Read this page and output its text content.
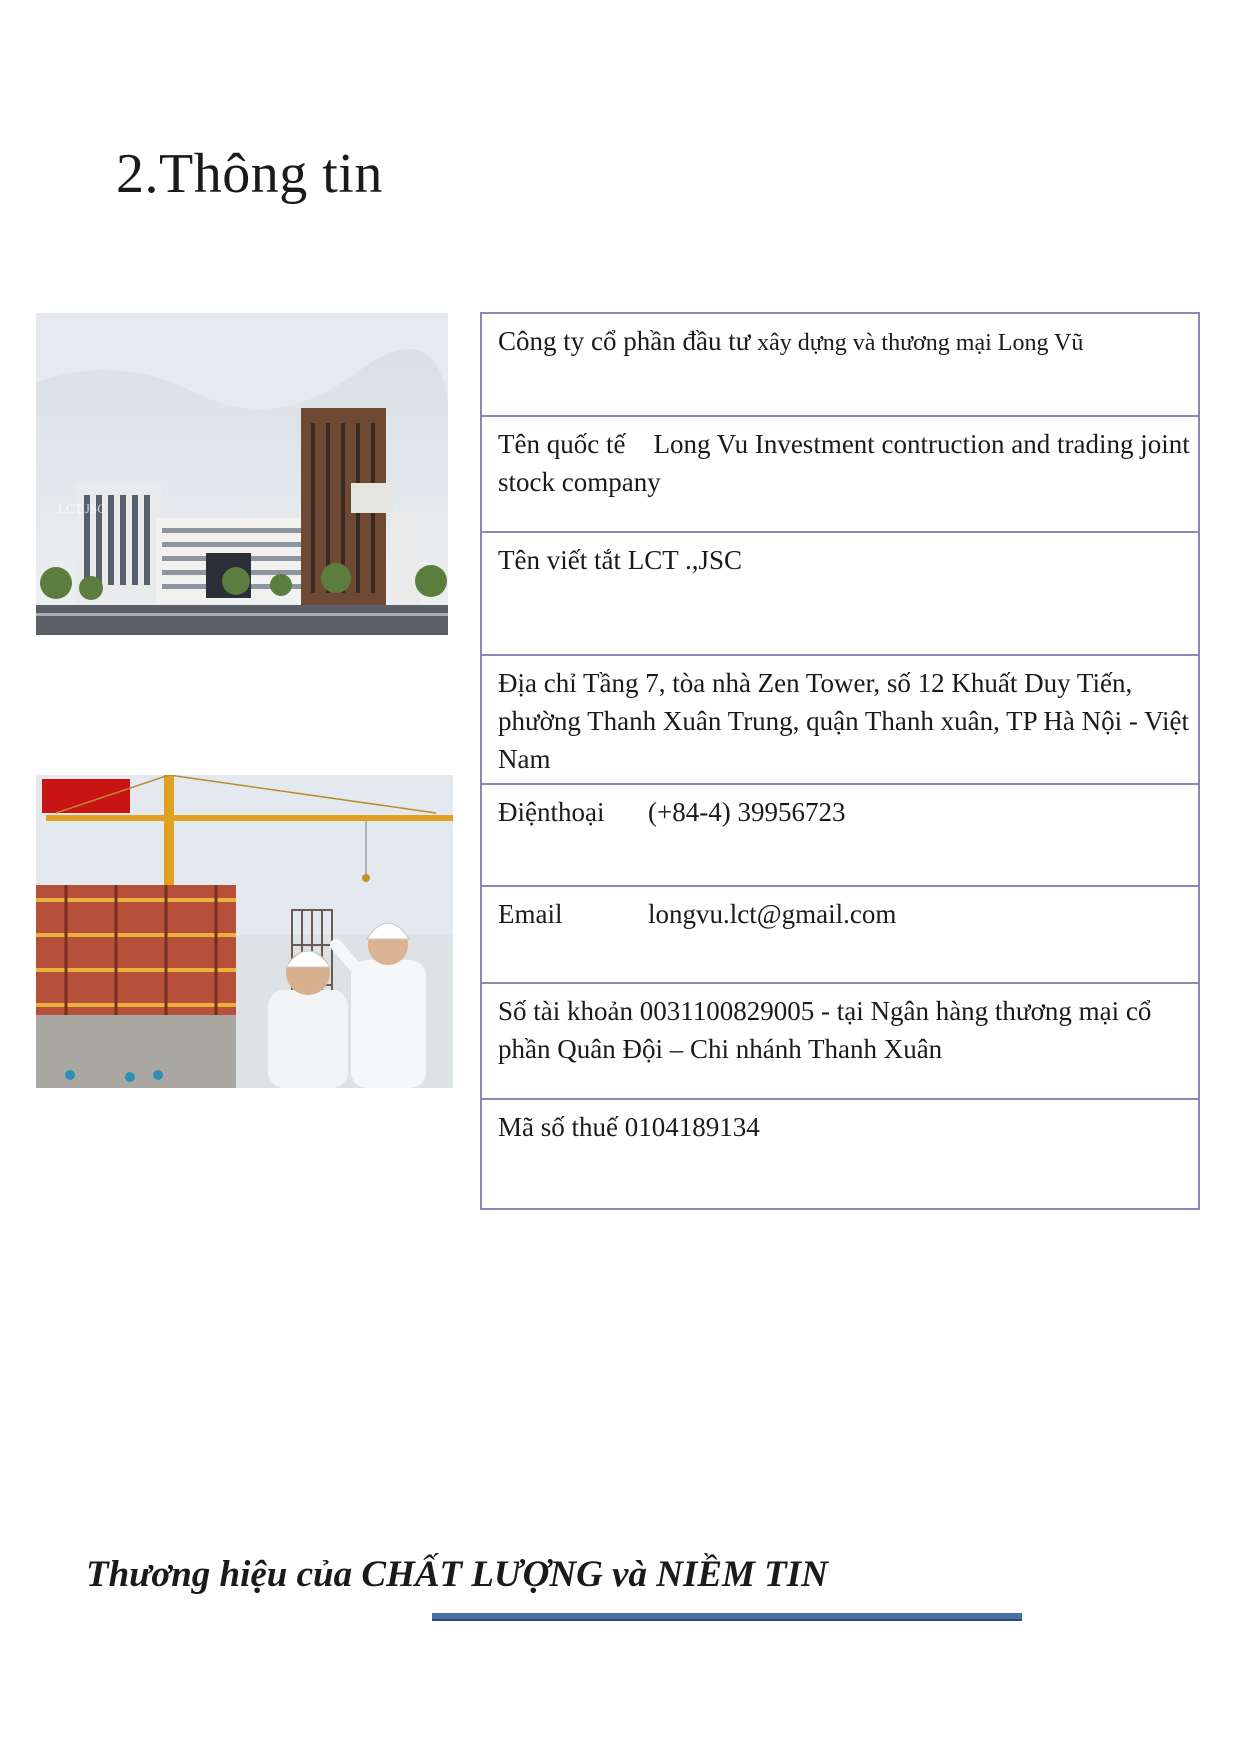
2.Thông tin
LCT.JSC
Công ty cổ phần đầu tư xây dựng và thương mại Long Vũ
Tên quốc tế Long Vu Investment contruction and trading joint stock company
Tên viết tắt LCT .,JSC
Địa chỉ Tầng 7, tòa nhà Zen Tower, số 12 Khuất Duy Tiến, phường Thanh Xuân Trung, quận Thanh xuân, TP Hà Nội - Việt Nam
Điệnthoại (+84-4) 39956723
Email	longvu.lct@gmail.com
Số tài khoản 0031100829005 - tại Ngân hàng thương mại cổ phần Quân Đội – Chi nhánh Thanh Xuân
Mã số thuế 0104189134

Thương hiệu của CHẤT LƯỢNG và NIỀM TIN
